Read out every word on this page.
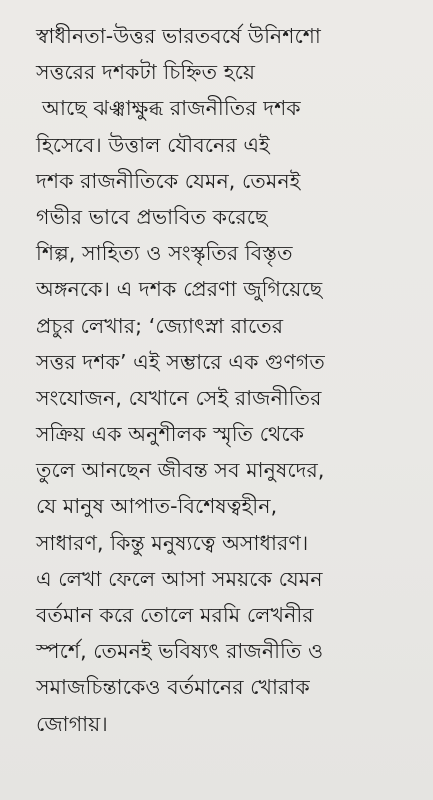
স্বাধীনতা-উত্তর ভারতবর্ষে উনিশশো
সত্তরের দশকটা চিহ্নিত হয়ে
আছে ঝঞ্ঝাক্ষুব্ধ রাজনীতির দশক
হিসেবে। উত্তাল যৌবনের এই
দশক রাজনীতিকে যেমন, তেমনই
গভীর ভাবে প্রভাবিত করেছে
শিল্প, সাহিত্য ও সংস্কৃতির বিস্তৃত
অঙ্গনকে। এ দশক প্রেরণা জুগিয়েছে
প্রচুর লেখার; ‘জ্যোৎস্না রাতের
সত্তর দশক’ এই সম্ভারে এক গুণগত
সংযোজন, যেখানে সেই রাজনীতির
সক্রিয় এক অনুশীলক স্মৃতি থেকে
তুলে আনছেন জীবন্ত সব মানুষদের,
যে মানুষ আপাত-বিশেষত্বহীন,
সাধারণ, কিন্তু মনুষ্যত্বে অসাধারণ।
এ লেখা ফেলে আসা সময়কে যেমন
বর্তমান করে তোলে মরমি লেখনীর
স্পর্শে, তেমনই ভবিষ্যৎ রাজনীতি ও
সমাজচিন্তাকেও বর্তমানের খোরাক
জোগায়।
